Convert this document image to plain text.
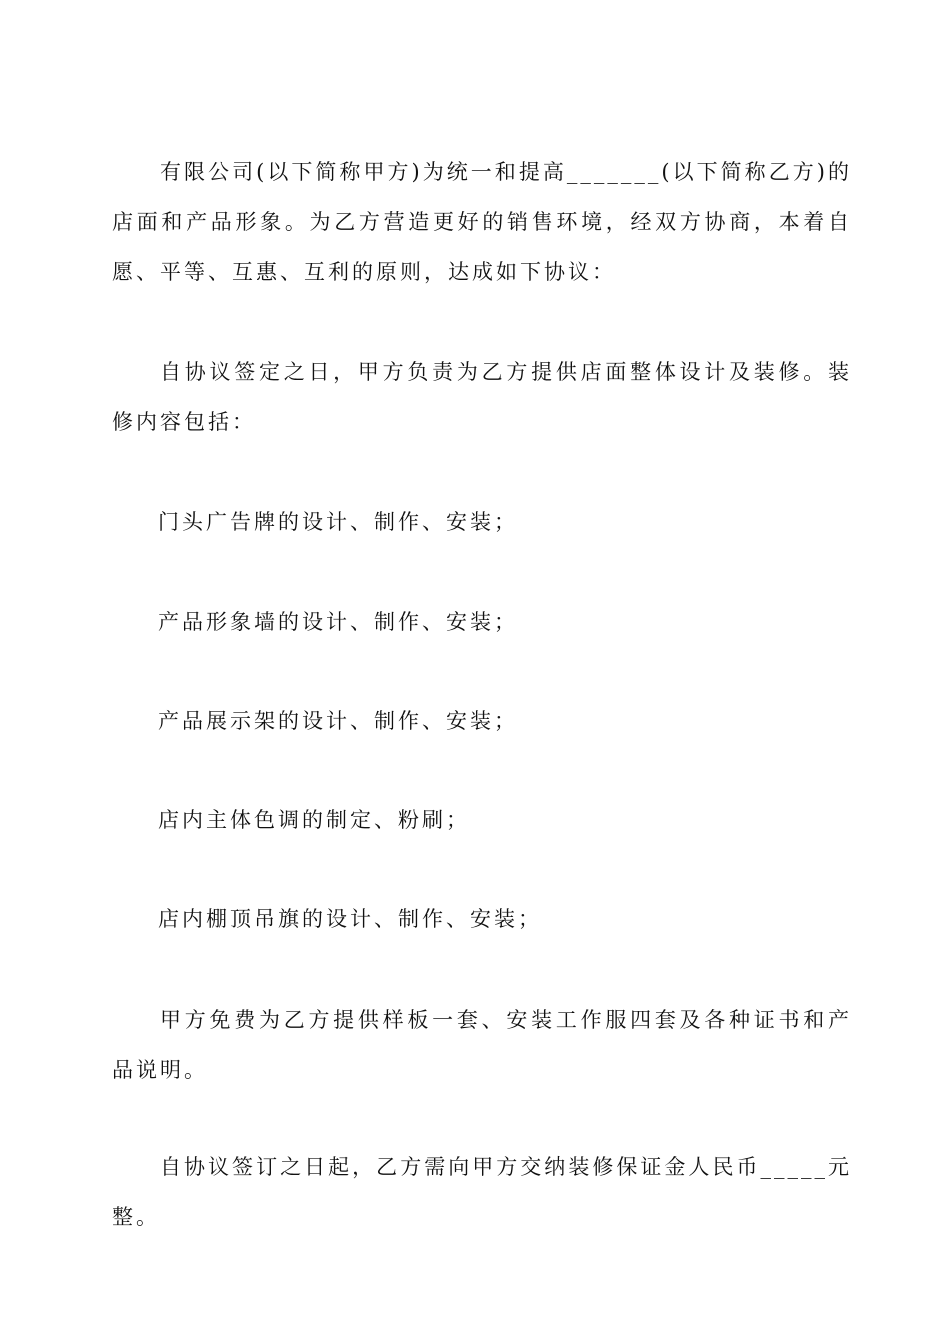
有限公司(以下简称甲方)为统一和提高_______(以下简称乙方)的店面和产品形象。为乙方营造更好的销售环境，经双方协商，本着自愿、平等、互惠、互利的原则，达成如下协议：

自协议签定之日，甲方负责为乙方提供店面整体设计及装修。装修内容包括：

门头广告牌的设计、制作、安装；

产品形象墙的设计、制作、安装；

产品展示架的设计、制作、安装；

店内主体色调的制定、粉刷；

店内棚顶吊旗的设计、制作、安装；

甲方免费为乙方提供样板一套、安装工作服四套及各种证书和产品说明。

自协议签订之日起，乙方需向甲方交纳装修保证金人民币_____元整。
